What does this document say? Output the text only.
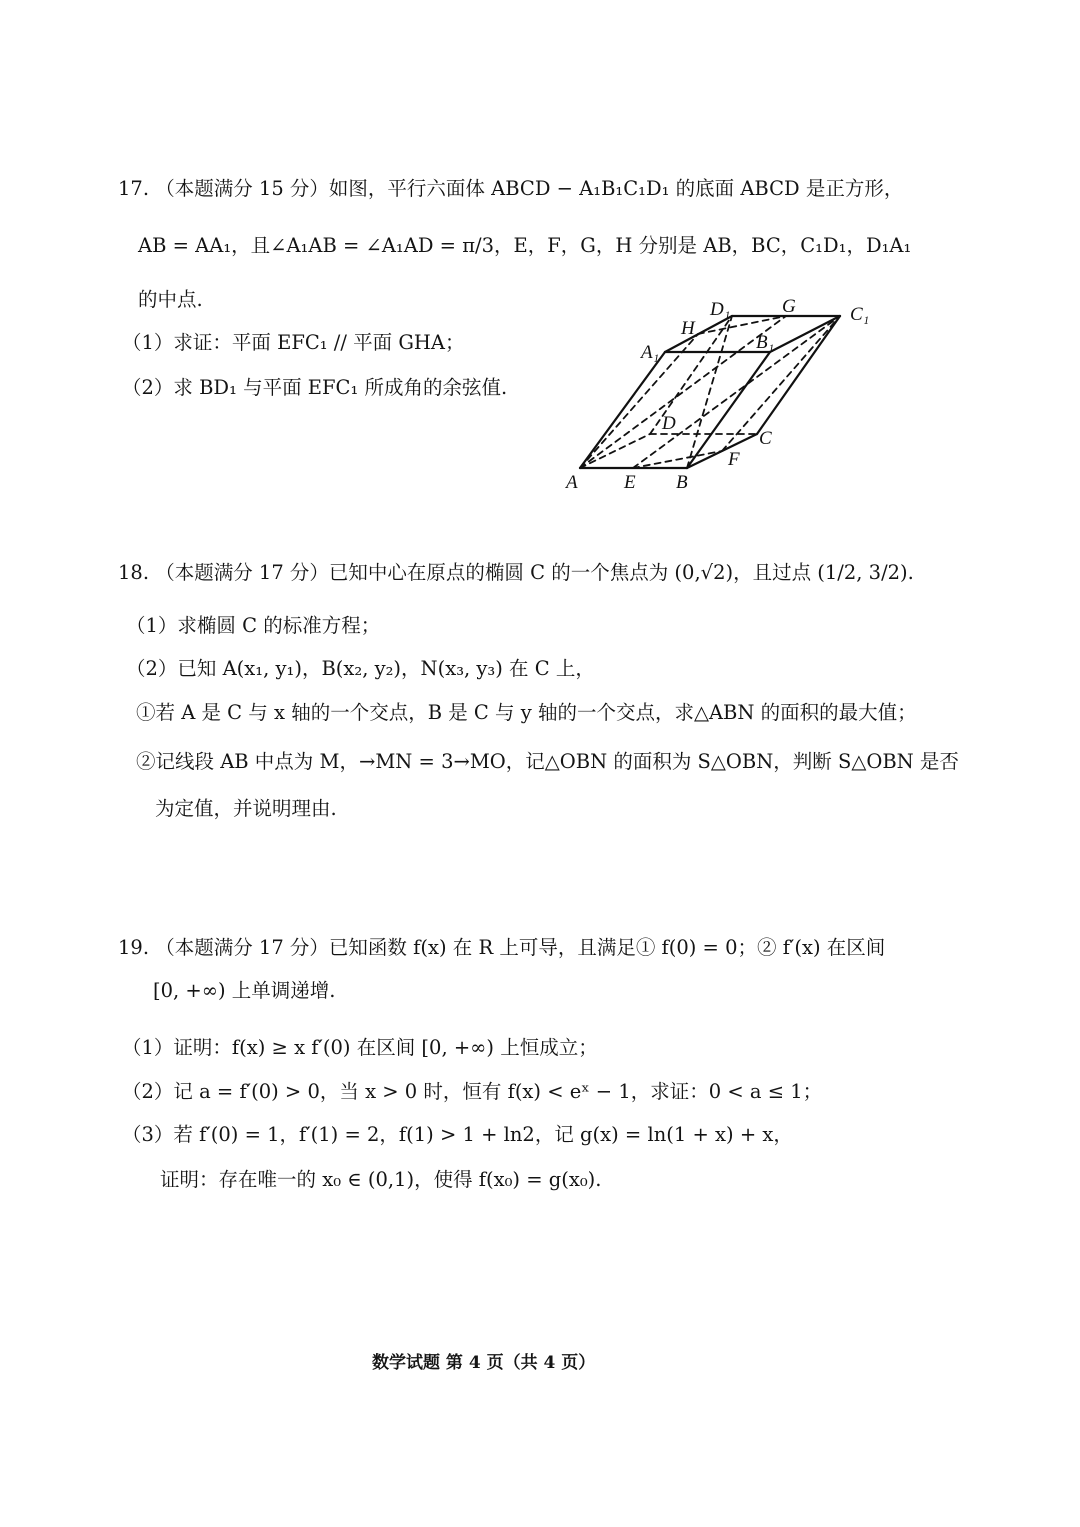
17. （本题满分 15 分）如图，平行六面体 ABCD − A₁B₁C₁D₁ 的底面 ABCD 是正方形，
AB = AA₁，且∠A₁AB = ∠A₁AD = π/3，E，F，G，H 分别是 AB，BC，C₁D₁，D₁A₁
的中点.
（1）求证：平面 EFC₁ // 平面 GHA；
（2）求 BD₁ 与平面 EFC₁ 所成角的余弦值.
A E B
F
C
D
A₁	B₁
H
D₁	G	C₁
18. （本题满分 17 分）已知中心在原点的椭圆 C 的一个焦点为 (0,√2)，且过点 (1/2, 3/2).
（1）求椭圆 C 的标准方程；
（2）已知 A(x₁, y₁)，B(x₂, y₂)，N(x₃, y₃) 在 C 上，
①若 A 是 C 与 x 轴的一个交点，B 是 C 与 y 轴的一个交点，求△ABN 的面积的最大值；
②记线段 AB 中点为 M，→MN = 3→MO，记△OBN 的面积为 S△OBN，判断 S△OBN 是否
为定值，并说明理由.
19. （本题满分 17 分）已知函数 f(x) 在 R 上可导，且满足① f(0) = 0；② f′(x) 在区间
[0, +∞) 上单调递增.
（1）证明：f(x) ≥ x f′(0) 在区间 [0, +∞) 上恒成立；
（2）记 a = f′(0) > 0，当 x > 0 时，恒有 f(x) < eˣ − 1，求证：0 < a ≤ 1；
（3）若 f′(0) = 1，f′(1) = 2，f(1) > 1 + ln2，记 g(x) = ln(1 + x) + x，
证明：存在唯一的 x₀ ∈ (0,1)，使得 f(x₀) = g(x₀).
数学试题 第 4 页（共 4 页）
